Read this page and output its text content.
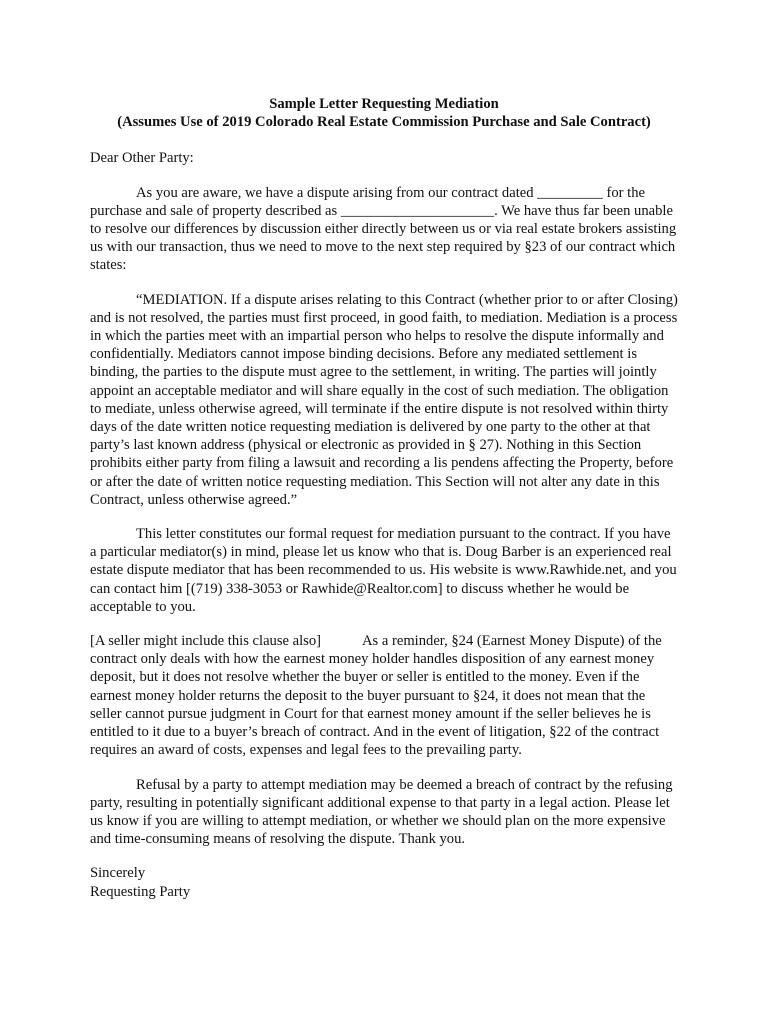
Sample Letter Requesting Mediation
(Assumes Use of 2019 Colorado Real Estate Commission Purchase and Sale Contract)

Dear Other Party:

As you are aware, we have a dispute arising from our contract dated _________ for the purchase and sale of property described as _____________________. We have thus far been unable to resolve our differences by discussion either directly between us or via real estate brokers assisting us with our transaction, thus we need to move to the next step required by §23 of our contract which states:

“MEDIATION. If a dispute arises relating to this Contract (whether prior to or after Closing) and is not resolved, the parties must first proceed, in good faith, to mediation. Mediation is a process in which the parties meet with an impartial person who helps to resolve the dispute informally and confidentially. Mediators cannot impose binding decisions. Before any mediated settlement is binding, the parties to the dispute must agree to the settlement, in writing. The parties will jointly appoint an acceptable mediator and will share equally in the cost of such mediation. The obligation to mediate, unless otherwise agreed, will terminate if the entire dispute is not resolved within thirty days of the date written notice requesting mediation is delivered by one party to the other at that party’s last known address (physical or electronic as provided in § 27). Nothing in this Section prohibits either party from filing a lawsuit and recording a lis pendens affecting the Property, before or after the date of written notice requesting mediation. This Section will not alter any date in this Contract, unless otherwise agreed.”

This letter constitutes our formal request for mediation pursuant to the contract. If you have a particular mediator(s) in mind, please let us know who that is. Doug Barber is an experienced real estate dispute mediator that has been recommended to us. His website is www.Rawhide.net, and you can contact him [(719) 338-3053 or Rawhide@Realtor.com] to discuss whether he would be acceptable to you.

[A seller might include this clause also]	As a reminder, §24 (Earnest Money Dispute) of the contract only deals with how the earnest money holder handles disposition of any earnest money deposit, but it does not resolve whether the buyer or seller is entitled to the money. Even if the earnest money holder returns the deposit to the buyer pursuant to §24, it does not mean that the seller cannot pursue judgment in Court for that earnest money amount if the seller believes he is entitled to it due to a buyer’s breach of contract. And in the event of litigation, §22 of the contract requires an award of costs, expenses and legal fees to the prevailing party.

Refusal by a party to attempt mediation may be deemed a breach of contract by the refusing party, resulting in potentially significant additional expense to that party in a legal action. Please let us know if you are willing to attempt mediation, or whether we should plan on the more expensive and time-consuming means of resolving the dispute. Thank you.

Sincerely
Requesting Party
